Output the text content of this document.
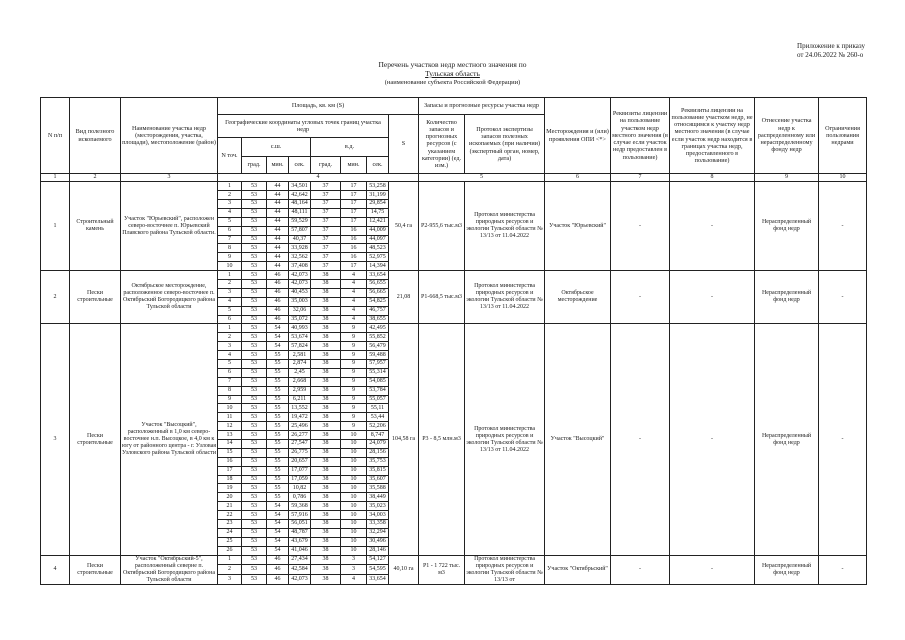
Приложение к приказу
от 24.06.2022 № 260-о
Перечень участков недр местного значения по
Тульская область
(наименование субъекта Российской Федерации)
N п/п	Вид полезного ископаемого	Наименование участка недр (месторождения, участка, площади), местоположение (район)	Площадь, кв. км (S)								Запасы и прогнозные ресурсы участка недр		Месторождения и (или) проявления ОПИ <*>	Реквизиты лицензии на пользование участком недр местного значения (в случае если участок недр предоставлен в пользование)	Реквизиты лицензии на пользование участком недр, не относящимся к участку недр местного значения (в случае если участок недр находится в границах участка недр, предоставленного в пользование)	Отнесение участка недр к распределенному или нераспределенному фонду недр	Ограничения пользования недрами
			Географические координаты угловых точек границ участка недр							S	Количество запасов и прогнозных ресурсов (с указанием категории) (ед. изм.)	Протокол экспертизы запасов полезных ископаемых (при наличии) (экспертный орган, номер, дата)					
			N точ.	с.ш.			в.д.										
				град.	мин.	сек.	град.	мин.	сек.								
1	2	3	4								5		6	7	8	9	10
1	Строительный камень	Участок "Юрьевский", расположен северо-восточнее п. Юрьевский Плавского района Тульской области.	1	53	44	34,501	37	17	53,258	50,4 га	Р2-955,6 тыс.м3	Протокол министерства природных ресурсов и экологии Тульской области № 13/13 от 11.04.2022	Участок "Юрьевский"	-	-	Нераспределенный фонд недр	-
			2	53	44	42,642	37	17	31,199								
			3	53	44	48,164	37	17	29,854								
			4	53	44	48,111	37	17	14,75								
			5	53	44	59,529	37	17	12,421								
			6	53	44	57,807	37	16	44,009								
			7	53	44	40,37	37	16	44,097								
			8	53	44	33,928	37	16	48,523								
			9	53	44	32,562	37	16	52,975								
			10	53	44	37,408	37	17	14,394								
2	Пески строительные	Октябрьское месторождение, расположенное северо-восточнее п. Октябрьский Богородицкого района Тульской области	1	53	46	42,073	38	4	33,654	21,08	Р1-668,5 тыс.м3	Протокол министерства природных ресурсов и экологии Тульской области № 13/13 от 11.04.2022	Октябрьское месторождение	-	-	Нераспределенный фонд недр	-
			2	53	46	42,073	38	4	56,655								
			3	53	46	40,453	38	4	56,665								
			4	53	46	35,003	38	4	54,825								
			5	53	46	32,06	38	4	46,757								
			6	53	46	35,072	38	4	38,655								
3	Пески строительные	Участок "Высоцкий", расположенный в 1,0 км северо-восточнее н.п. Высоцкое, в 4,0 км к югу от районного центра - г. Узловая Узловского района Тульской области	1	53	54	40,993	38	9	42,495	104,58 га	Р3 - 8,5 млн.м3	Протокол министерства природных ресурсов и экологии Тульской области № 13/13 от 11.04.2022	Участок "Высоцкий"	-	-	Нераспределенный фонд недр	-
			2	53	54	53,674	38	9	55,852								
			3	53	54	57,824	38	9	56,479								
			4	53	55	2,581	38	9	59,488								
			5	53	55	2,874	38	9	57,957								
			6	53	55	2,45	38	9	55,314								
			7	53	55	2,668	38	9	54,085								
			8	53	55	2,959	38	9	53,784								
			9	53	55	6,211	38	9	55,057								
			10	53	55	13,552	38	9	55,11								
			11	53	55	19,472	38	9	53,44								
			12	53	55	25,496	38	9	52,206								
			13	53	55	26,277	38	10	8,747								
			14	53	55	27,547	38	10	24,079								
			15	53	55	26,775	38	10	28,156								
			16	53	55	20,657	38	10	35,753								
			17	53	55	17,077	38	10	35,815								
			18	53	55	17,059	38	10	35,607								
			19	53	55	10,82	38	10	35,588								
			20	53	55	0,786	38	10	38,449								
			21	53	54	59,368	38	10	35,023								
			22	53	54	57,916	38	10	34,003								
			23	53	54	56,051	38	10	33,358								
			24	53	54	48,787	38	10	32,294								
			25	53	54	43,679	38	10	30,496								
			26	53	54	41,046	38	10	28,146								
4	Пески строительные	Участок "Октябрьский-5", расположенный северне п. Октябрьский Богородицкого района Тульской области	1	53	46	27,434	38	3	54,127	40,10 га	Р1 - 1 722 тыс. м3	Протокол министерства природных ресурсов и экологии Тульской области № 13/13 от	Участок "Октябрьский"	-	-	Нераспределенный фонд недр	-
			2	53	46	42,584	38	3	54,595								
			3	53	46	42,073	38	4	33,654								
